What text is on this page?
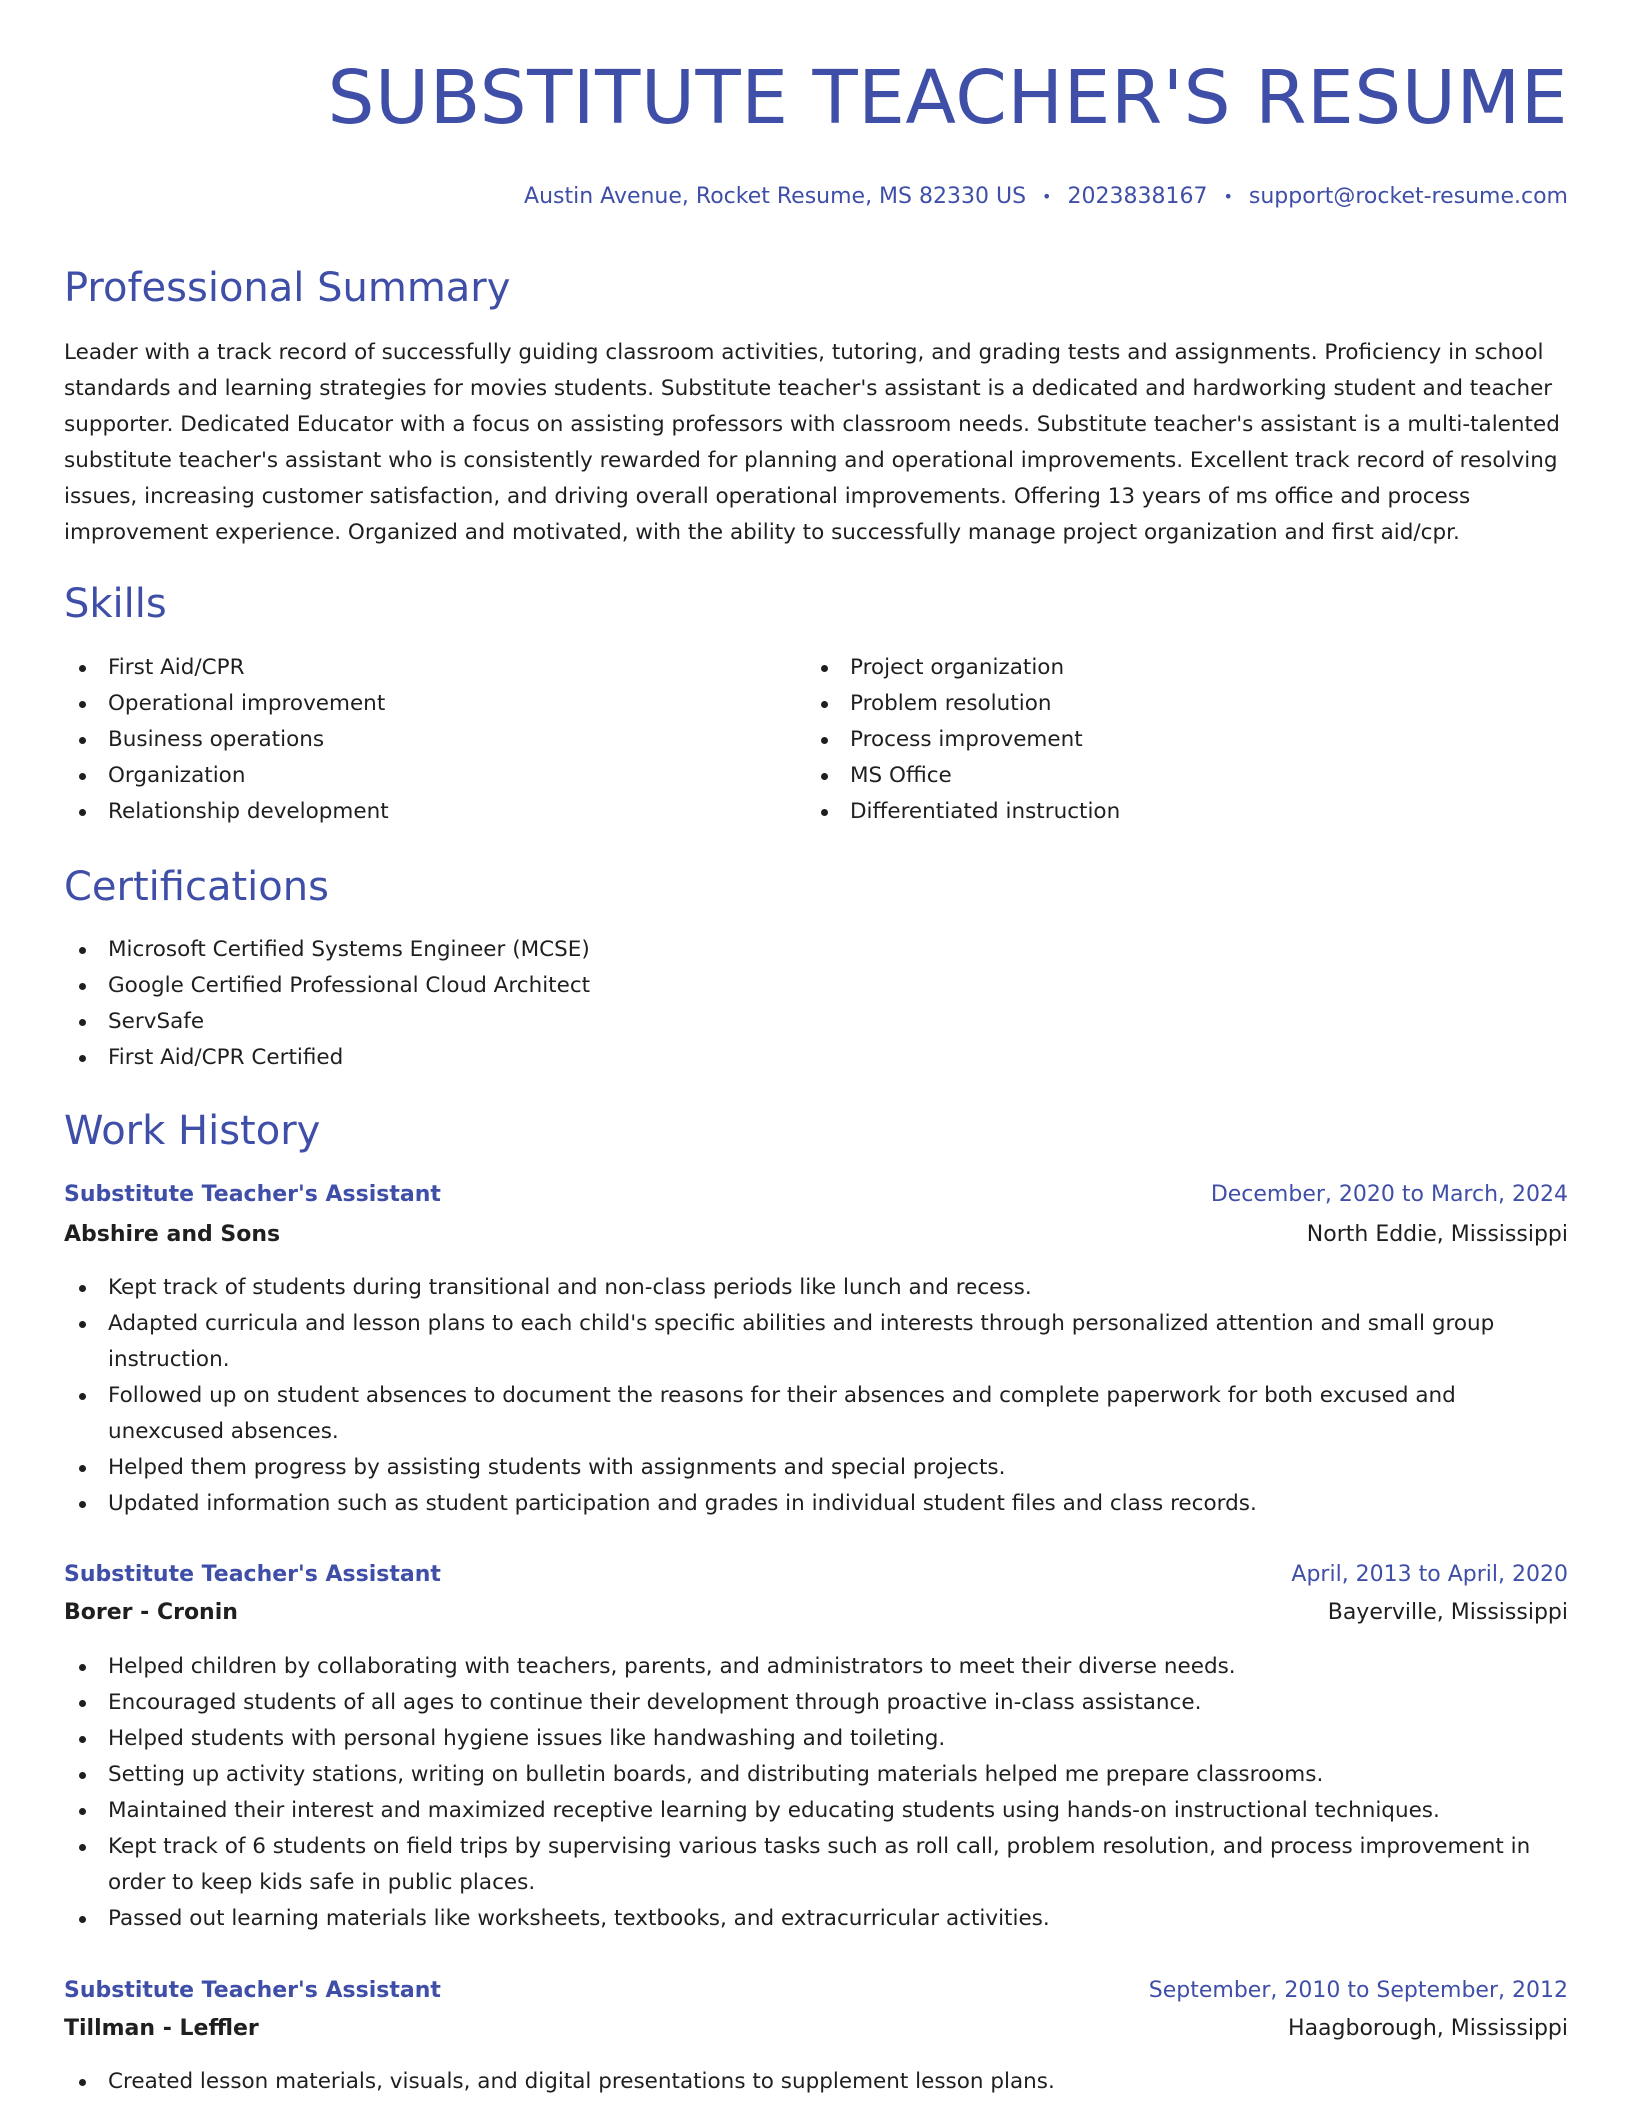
SUBSTITUTE TEACHER'S RESUME
Austin Avenue, Rocket Resume, MS 82330 US • 2023838167 • support@rocket-resume.com
Professional Summary

Leader with a track record of successfully guiding classroom activities, tutoring, and grading tests and assignments. Proficiency in school standards and learning strategies for movies students. Substitute teacher's assistant is a dedicated and hardworking student and teacher supporter. Dedicated Educator with a focus on assisting professors with classroom needs. Substitute teacher's assistant is a multi-talented substitute teacher's assistant who is consistently rewarded for planning and operational improvements. Excellent track record of resolving issues, increasing customer satisfaction, and driving overall operational improvements. Offering 13 years of ms office and process improvement experience. Organized and motivated, with the ability to successfully manage project organization and first aid/cpr.

Skills
First Aid/CPR
Operational improvement
Business operations
Organization
Relationship development
Project organization
Problem resolution
Process improvement
MS Office
Differentiated instruction
Certifications
Microsoft Certified Systems Engineer (MCSE)
Google Certified Professional Cloud Architect
ServSafe
First Aid/CPR Certified
Work History
Substitute Teacher's Assistant	December, 2020 to March, 2024
Abshire and Sons	North Eddie, Mississippi
Kept track of students during transitional and non-class periods like lunch and recess.
Adapted curricula and lesson plans to each child's specific abilities and interests through personalized attention and small group instruction.
Followed up on student absences to document the reasons for their absences and complete paperwork for both excused and unexcused absences.
Helped them progress by assisting students with assignments and special projects.
Updated information such as student participation and grades in individual student files and class records.
Substitute Teacher's Assistant	April, 2013 to April, 2020
Borer - Cronin	Bayerville, Mississippi
Helped children by collaborating with teachers, parents, and administrators to meet their diverse needs.
Encouraged students of all ages to continue their development through proactive in-class assistance.
Helped students with personal hygiene issues like handwashing and toileting.
Setting up activity stations, writing on bulletin boards, and distributing materials helped me prepare classrooms.
Maintained their interest and maximized receptive learning by educating students using hands-on instructional techniques.
Kept track of 6 students on field trips by supervising various tasks such as roll call, problem resolution, and process improvement in order to keep kids safe in public places.
Passed out learning materials like worksheets, textbooks, and extracurricular activities.
Substitute Teacher's Assistant	September, 2010 to September, 2012
Tillman - Leffler	Haagborough, Mississippi
Created lesson materials, visuals, and digital presentations to supplement lesson plans.
